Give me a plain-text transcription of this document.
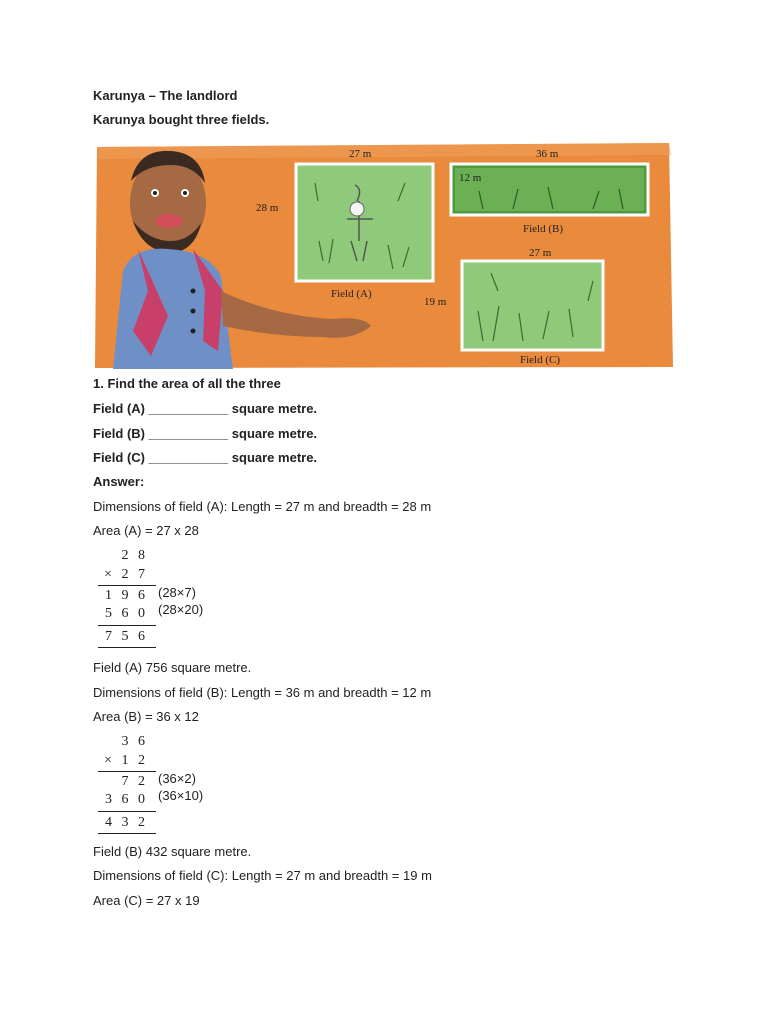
Karunya – The landlord
Karunya bought three fields.
27 m
28 m
Field (A)
36 m
12 m
Field (B)
27 m
19 m
Field (C)
1. Find the area of all the three
Field (A) ___________ square metre.
Field (B) ___________ square metre.
Field (C) ___________ square metre.
Answer:
Dimensions of field (A): Length = 27 m and breadth = 28 m
Area (A) = 27 x 28
2 8
× 2 7
1 9 6 (28×7)
5 6 0 (28×20)
7 5 6
Field (A) 756 square metre.
Dimensions of field (B): Length = 36 m and breadth = 12 m
Area (B) = 36 x 12
3 6
× 1 2
7 2 (36×2)
3 6 0 (36×10)
4 3 2
Field (B) 432 square metre.
Dimensions of field (C): Length = 27 m and breadth = 19 m
Area (C) = 27 x 19
